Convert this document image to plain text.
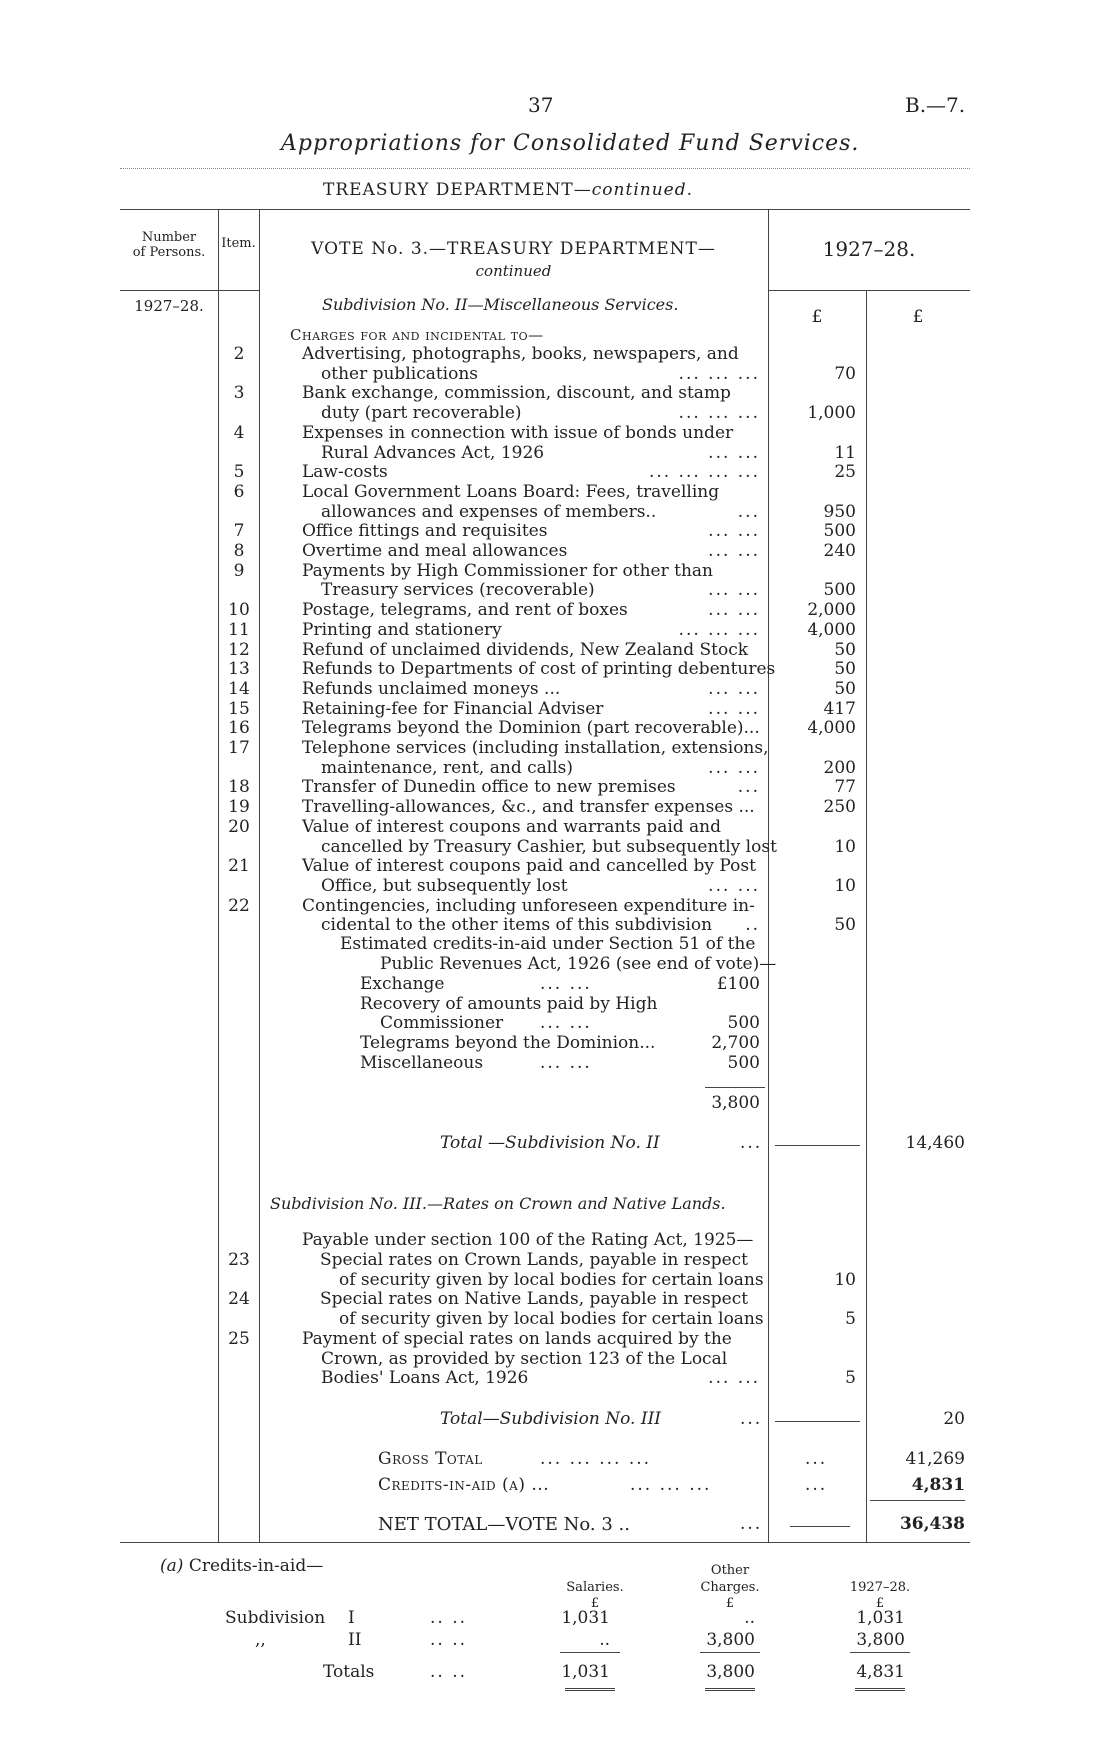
37	B.—7.
Appropriations for Consolidated Fund Services.
TREASURY DEPARTMENT—continued.
Number
of Persons.
Item.	VOTE No. 3.—TREASURY DEPARTMENT—
continued
1927–28.
1927–28.
£	£
Subdivision No. II—Miscellaneous Services.
Charges for and incidental to—
2	Advertising, photographs, books, newspapers, and
other publications	... ... ...	70
3	Bank exchange, commission, discount, and stamp
duty (part recoverable)	... ... ...	1,000
4	Expenses in connection with issue of bonds under
Rural Advances Act, 1926	... ...	11
5	Law-costs	... ... ... ...	25
6	Local Government Loans Board: Fees, travelling
allowances and expenses of members..	...	950
7	Office fittings and requisites	... ...	500
8	Overtime and meal allowances	... ...	240
9	Payments by High Commissioner for other than
Treasury services (recoverable)	... ...	500
10	Postage, telegrams, and rent of boxes	... ...	2,000
11	Printing and stationery	... ... ...	4,000
12	Refund of unclaimed dividends, New Zealand Stock	50
13	Refunds to Departments of cost of printing debentures	50
14	Refunds unclaimed moneys ...	... ...	50
15	Retaining-fee for Financial Adviser	... ...	417
16	Telegrams beyond the Dominion (part recoverable)...	4,000
17	Telephone services (including installation, extensions,
maintenance, rent, and calls)	... ...	200
18	Transfer of Dunedin office to new premises	...	77
19	Travelling-allowances, &c., and transfer expenses ...	250
20	Value of interest coupons and warrants paid and
cancelled by Treasury Cashier, but subsequently lost	10
21	Value of interest coupons paid and cancelled by Post
Office, but subsequently lost	... ...	10
22	Contingencies, including unforeseen expenditure in-
cidental to the other items of this subdivision	..	50
Estimated credits-in-aid under Section 51 of the
Public Revenues Act, 1926 (see end of vote)—
Exchange	... ...	£100
Recovery of amounts paid by High
Commissioner ... ...	500
Telegrams beyond the Dominion...	2,700
Miscellaneous	... ...	500
3,800
Total —Subdivision No. II	...	14,460
Subdivision No. III.—Rates on Crown and Native Lands.
Payable under section 100 of the Rating Act, 1925—
23	Special rates on Crown Lands, payable in respect
of security given by local bodies for certain loans	10
24	Special rates on Native Lands, payable in respect
of security given by local bodies for certain loans	5
25	Payment of special rates on lands acquired by the
Crown, as provided by section 123 of the Local
Bodies' Loans Act, 1926	... ...	5
Total—Subdivision No. III	...	20
Gross Total	... ... ... ...	...	41,269
Credits-in-aid (a) ...	... ... ...	...	4,831
NET TOTAL—VOTE No. 3 ..	...	36,438
(a) Credits-in-aid—	Other
Salaries.	Charges.	1927–28.
£	£	£
Subdivision I	.. ..	1,031	..	1,031
,,	II	.. ..	..	3,800	3,800
Totals	.. ..	1,031	3,800	4,831
